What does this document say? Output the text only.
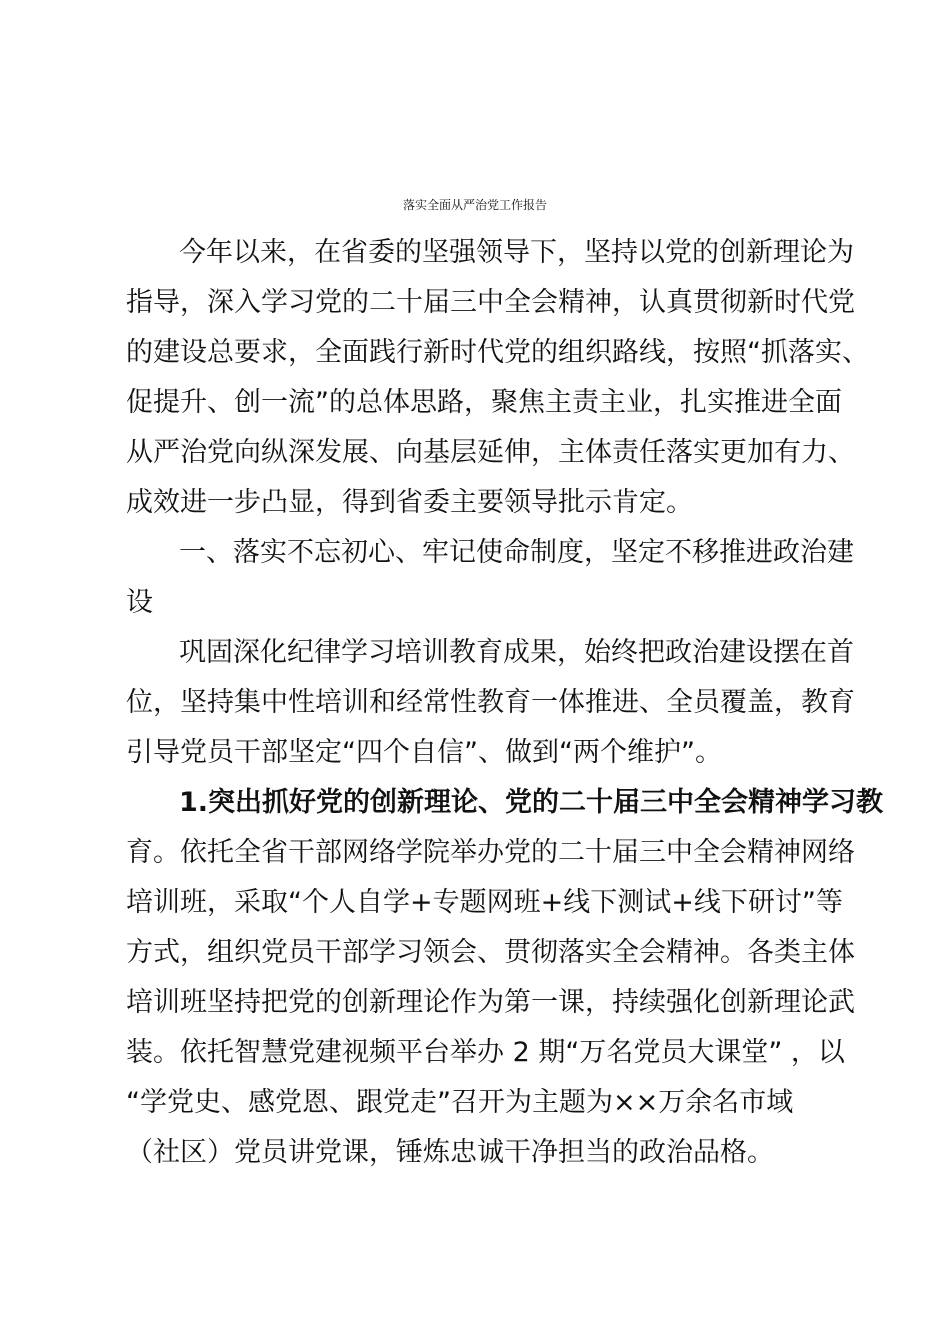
落实全面从严治党工作报告
今年以来，在省委的坚强领导下，坚持以党的创新理论为
指导，深入学习党的二十届三中全会精神，认真贯彻新时代党
的建设总要求，全面践行新时代党的组织路线，按照“抓落实、
促提升、创一流”的总体思路，聚焦主责主业，扎实推进全面
从严治党向纵深发展、向基层延伸，主体责任落实更加有力、
成效进一步凸显，得到省委主要领导批示肯定。
一、落实不忘初心、牢记使命制度，坚定不移推进政治建
设
巩固深化纪律学习培训教育成果，始终把政治建设摆在首
位，坚持集中性培训和经常性教育一体推进、全员覆盖，教育
引导党员干部坚定“四个自信”、做到“两个维护”。
1.突出抓好党的创新理论、党的二十届三中全会精神学习教
育。依托全省干部网络学院举办党的二十届三中全会精神网络
培训班，采取“个人自学+专题网班+线下测试+线下研讨”等
方式，组织党员干部学习领会、贯彻落实全会精神。各类主体
培训班坚持把党的创新理论作为第一课，持续强化创新理论武
装。依托智慧党建视频平台举办 2 期“万名党员大课堂” ，以
“学党史、感党恩、跟党走”召开为主题为××万余名市域
（社区）党员讲党课，锤炼忠诚干净担当的政治品格。
